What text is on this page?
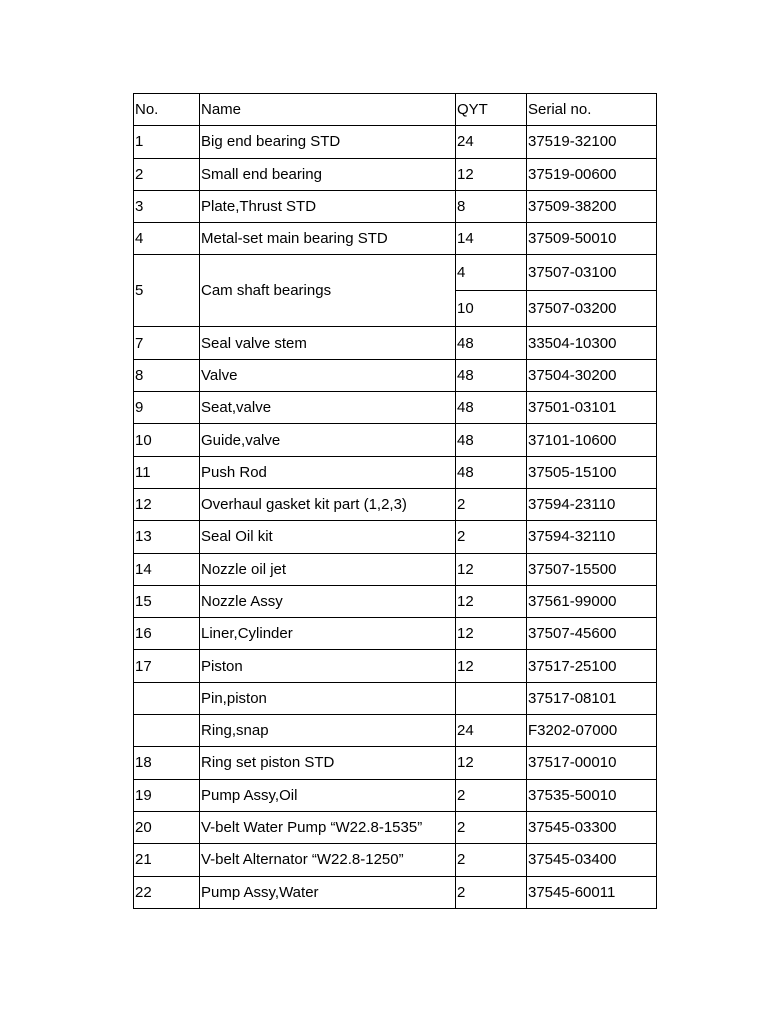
No.	Name	QYT	Serial no.
1	Big end bearing STD	24	37519-32100
2	Small end bearing	12	37519-00600
3	Plate,Thrust STD	8	37509-38200
4	Metal-set main bearing STD	14	37509-50010
5	Cam shaft bearings	4	37507-03100
		10	37507-03200
7	Seal valve stem	48	33504-10300
8	Valve	48	37504-30200
9	Seat,valve	48	37501-03101
10	Guide,valve	48	37101-10600
11	Push Rod	48	37505-15100
12	Overhaul gasket kit part (1,2,3)	2	37594-23110
13	Seal Oil kit	2	37594-32110
14	Nozzle oil jet	12	37507-15500
15	Nozzle Assy	12	37561-99000
16	Liner,Cylinder	12	37507-45600
17	Piston	12	37517-25100
	Pin,piston		37517-08101
	Ring,snap	24	F3202-07000
18	Ring set piston STD	12	37517-00010
19	Pump Assy,Oil	2	37535-50010
20	V-belt Water Pump “W22.8-1535”	2	37545-03300
21	V-belt Alternator “W22.8-1250”	2	37545-03400
22	Pump Assy,Water	2	37545-60011
